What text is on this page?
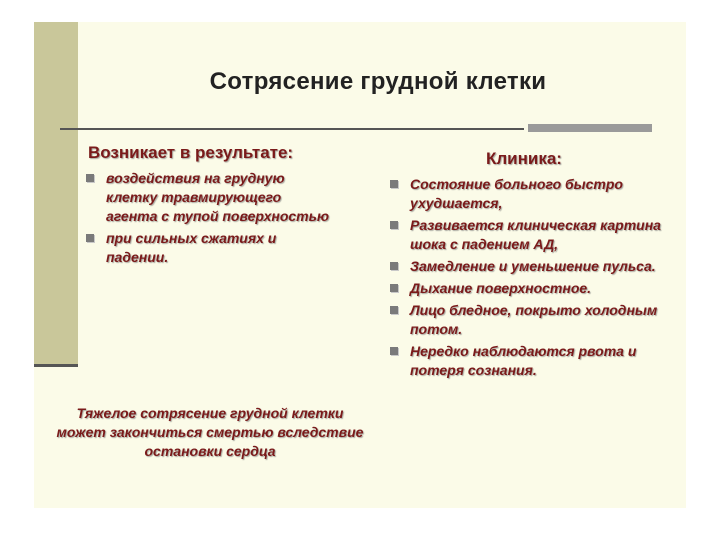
Сотрясение грудной клетки
Возникает в результате:
воздействия на грудную клетку травмирующего агента с тупой поверхностью
при сильных сжатиях и падении.
Тяжелое сотрясение грудной клетки может закончиться смертью вследствие остановки сердца
Клиника:
Состояние больного быстро ухудшается,
Развивается клиническая картина шока с падением АД,
Замедление и уменьшение пульса.
Дыхание поверхностное.
Лицо бледное, покрыто холодным потом.
Нередко наблюдаются рвота и потеря сознания.
